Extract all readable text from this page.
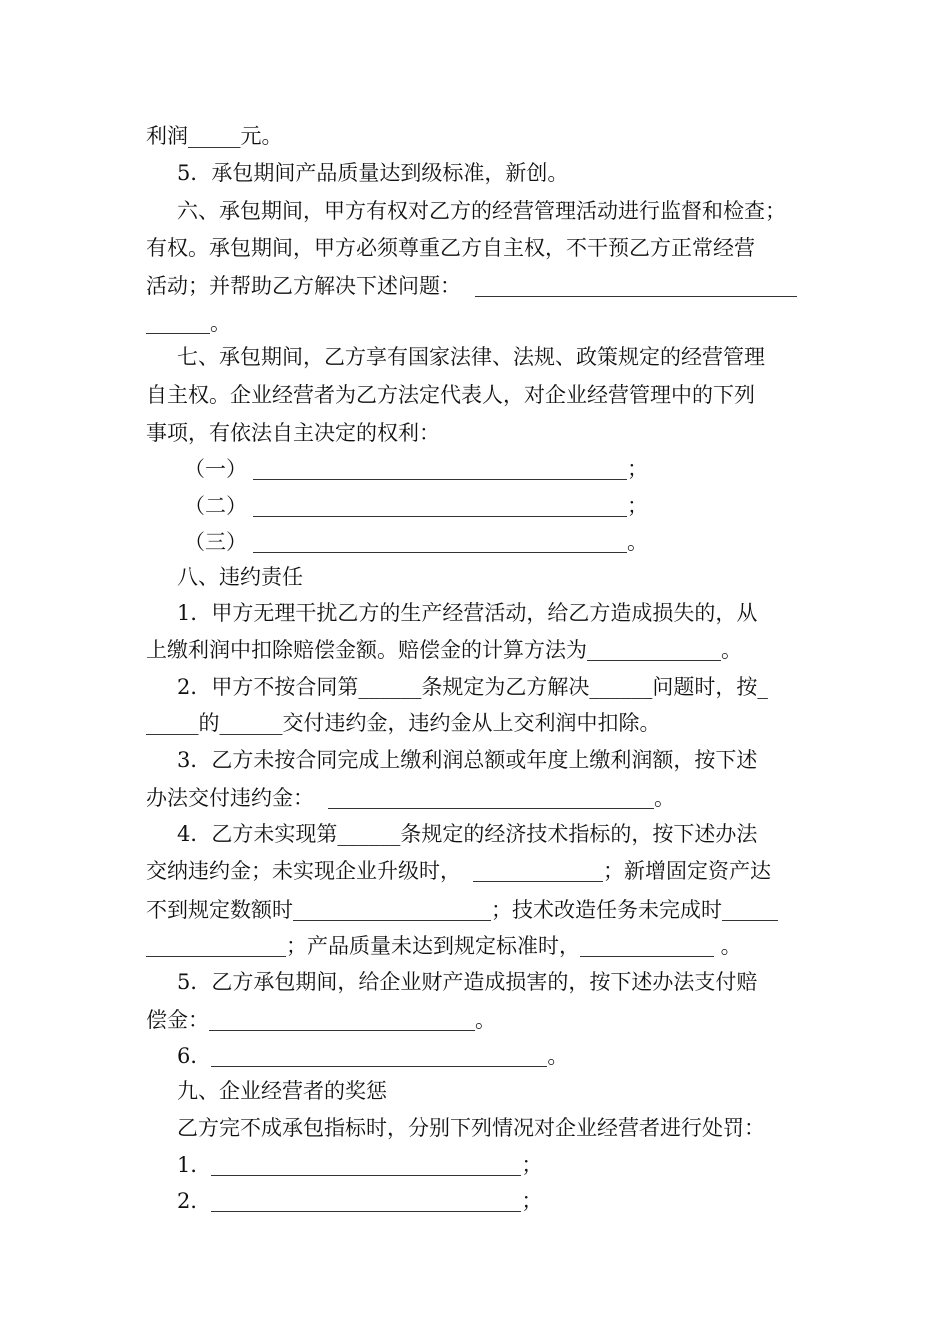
利润_____元。
5．承包期间产品质量达到级标准，新创。
六、承包期间，甲方有权对乙方的经营管理活动进行监督和检查；
有权。承包期间，甲方必须尊重乙方自主权，不干预乙方正常经营
活动；并帮助乙方解决下述问题：
。
七、承包期间，乙方享有国家法律、法规、政策规定的经营管理
自主权。企业经营者为乙方法定代表人，对企业经营管理中的下列
事项，有依法自主决定的权利：
（一）	；
（二）	；
（三）	。
八、违约责任
1．甲方无理干扰乙方的生产经营活动，给乙方造成损失的，从
上缴利润中扣除赔偿金额。赔偿金的计算方法为	。
2．甲方不按合同第______条规定为乙方解决______问题时，按_
_____的______交付违约金，违约金从上交利润中扣除。
3．乙方未按合同完成上缴利润总额或年度上缴利润额，按下述
办法交付违约金：	。
4．乙方未实现第______条规定的经济技术指标的，按下述办法
交纳违约金；未实现企业升级时，	；新增固定资产达
不到规定数额时	；技术改造任务未完成时
；产品质量未达到规定标准时，	。
5．乙方承包期间，给企业财产造成损害的，按下述办法支付赔
偿金：	。
6．	。
九、企业经营者的奖惩
乙方完不成承包指标时，分别下列情况对企业经营者进行处罚：
1．	；
2．	；
